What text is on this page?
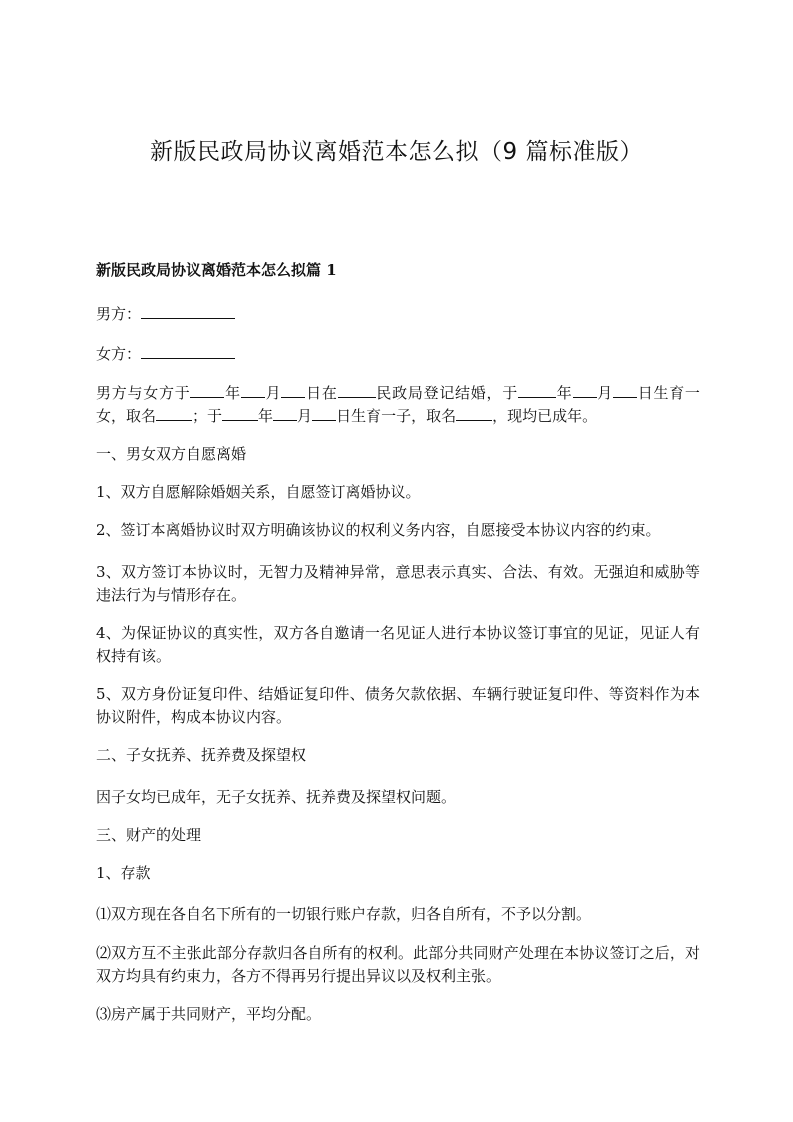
新版民政局协议离婚范本怎么拟（9 篇标准版）
新版民政局协议离婚范本怎么拟篇 1

男方：

女方：

男方与女方于 年 月 日在	民政局登记结婚，于	年 月 日生育一女，取名 ；于 年 月 日生育一子，取名 ，现均已成年。

一、男女双方自愿离婚

1、双方自愿解除婚姻关系，自愿签订离婚协议。

2、签订本离婚协议时双方明确该协议的权利义务内容，自愿接受本协议内容的约束。

3、双方签订本协议时，无智力及精神异常，意思表示真实、合法、有效。无强迫和威胁等违法行为与情形存在。

4、为保证协议的真实性，双方各自邀请一名见证人进行本协议签订事宜的见证，见证人有权持有该。

5、双方身份证复印件、结婚证复印件、债务欠款依据、车辆行驶证复印件、等资料作为本协议附件，构成本协议内容。

二、子女抚养、抚养费及探望权

因子女均已成年，无子女抚养、抚养费及探望权问题。

三、财产的处理

1、存款

⑴双方现在各自名下所有的一切银行账户存款，归各自所有，不予以分割。

⑵双方互不主张此部分存款归各自所有的权利。此部分共同财产处理在本协议签订之后，对双方均具有约束力，各方不得再另行提出异议以及权利主张。

⑶房产属于共同财产，平均分配。
